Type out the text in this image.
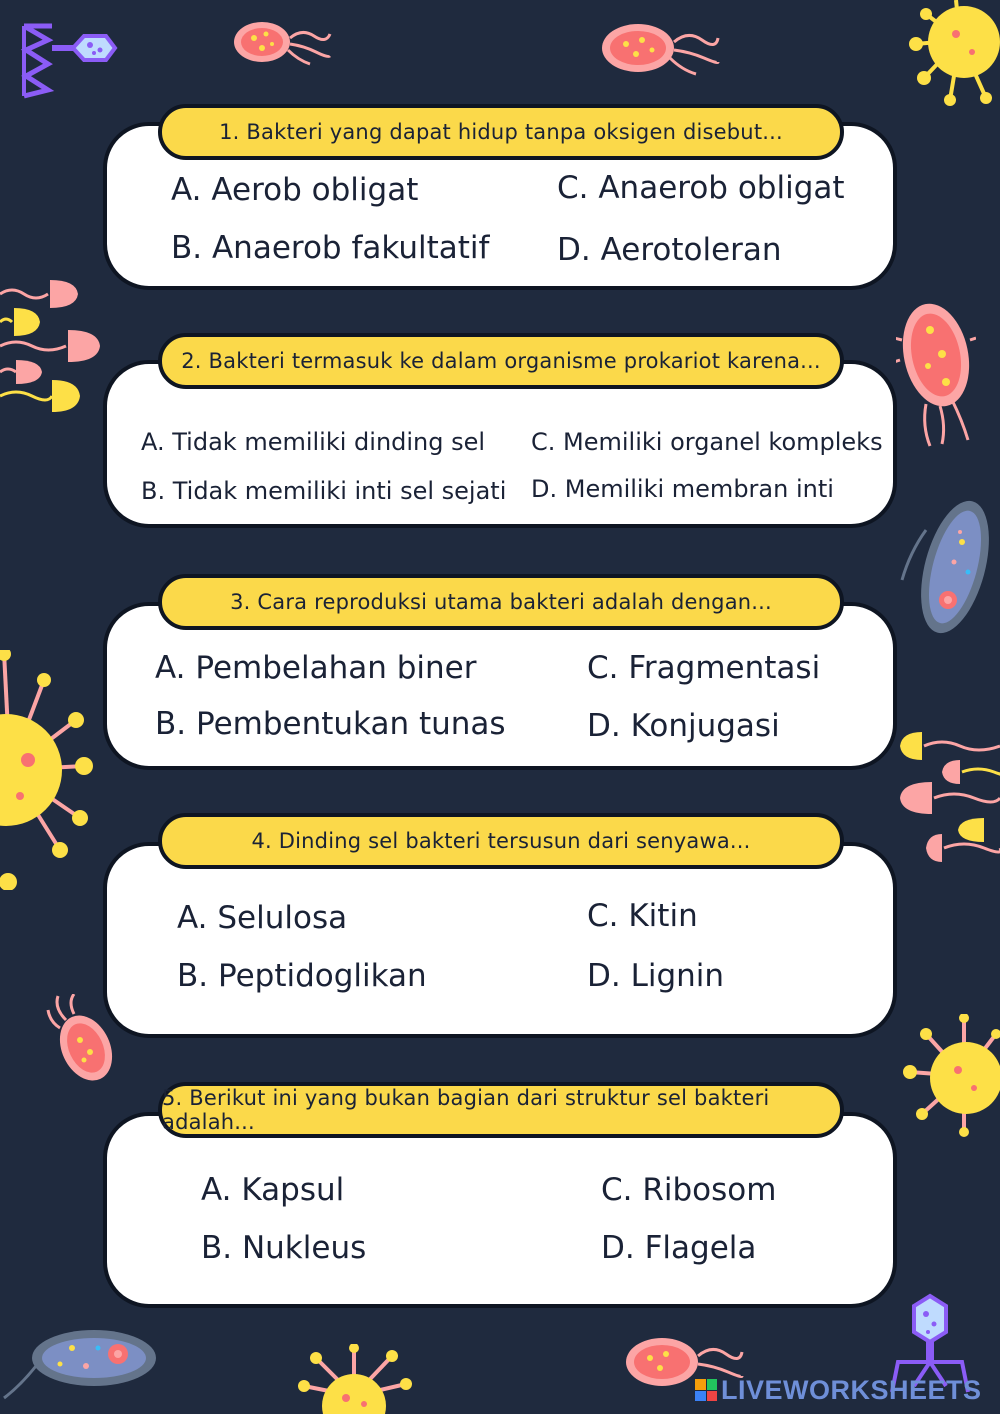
A. Aerob obligat
B. Anaerob fakultatif
C. Anaerob obligat
D. Aerotoleran
1. Bakteri yang dapat hidup tanpa oksigen disebut...
A. Tidak memiliki dinding sel
B. Tidak memiliki inti sel sejati
C. Memiliki organel kompleks
D. Memiliki membran inti
2. Bakteri termasuk ke dalam organisme prokariot karena...
A. Pembelahan biner
B. Pembentukan tunas
C. Fragmentasi
D. Konjugasi
3. Cara reproduksi utama bakteri adalah dengan...
A. Selulosa
B. Peptidoglikan
C. Kitin
D. Lignin
4. Dinding sel bakteri tersusun dari senyawa...
A. Kapsul
B. Nukleus
C. Ribosom
D. Flagela
5. Berikut ini yang bukan bagian dari struktur sel bakteri adalah...
LIVEWORKSHEETS
